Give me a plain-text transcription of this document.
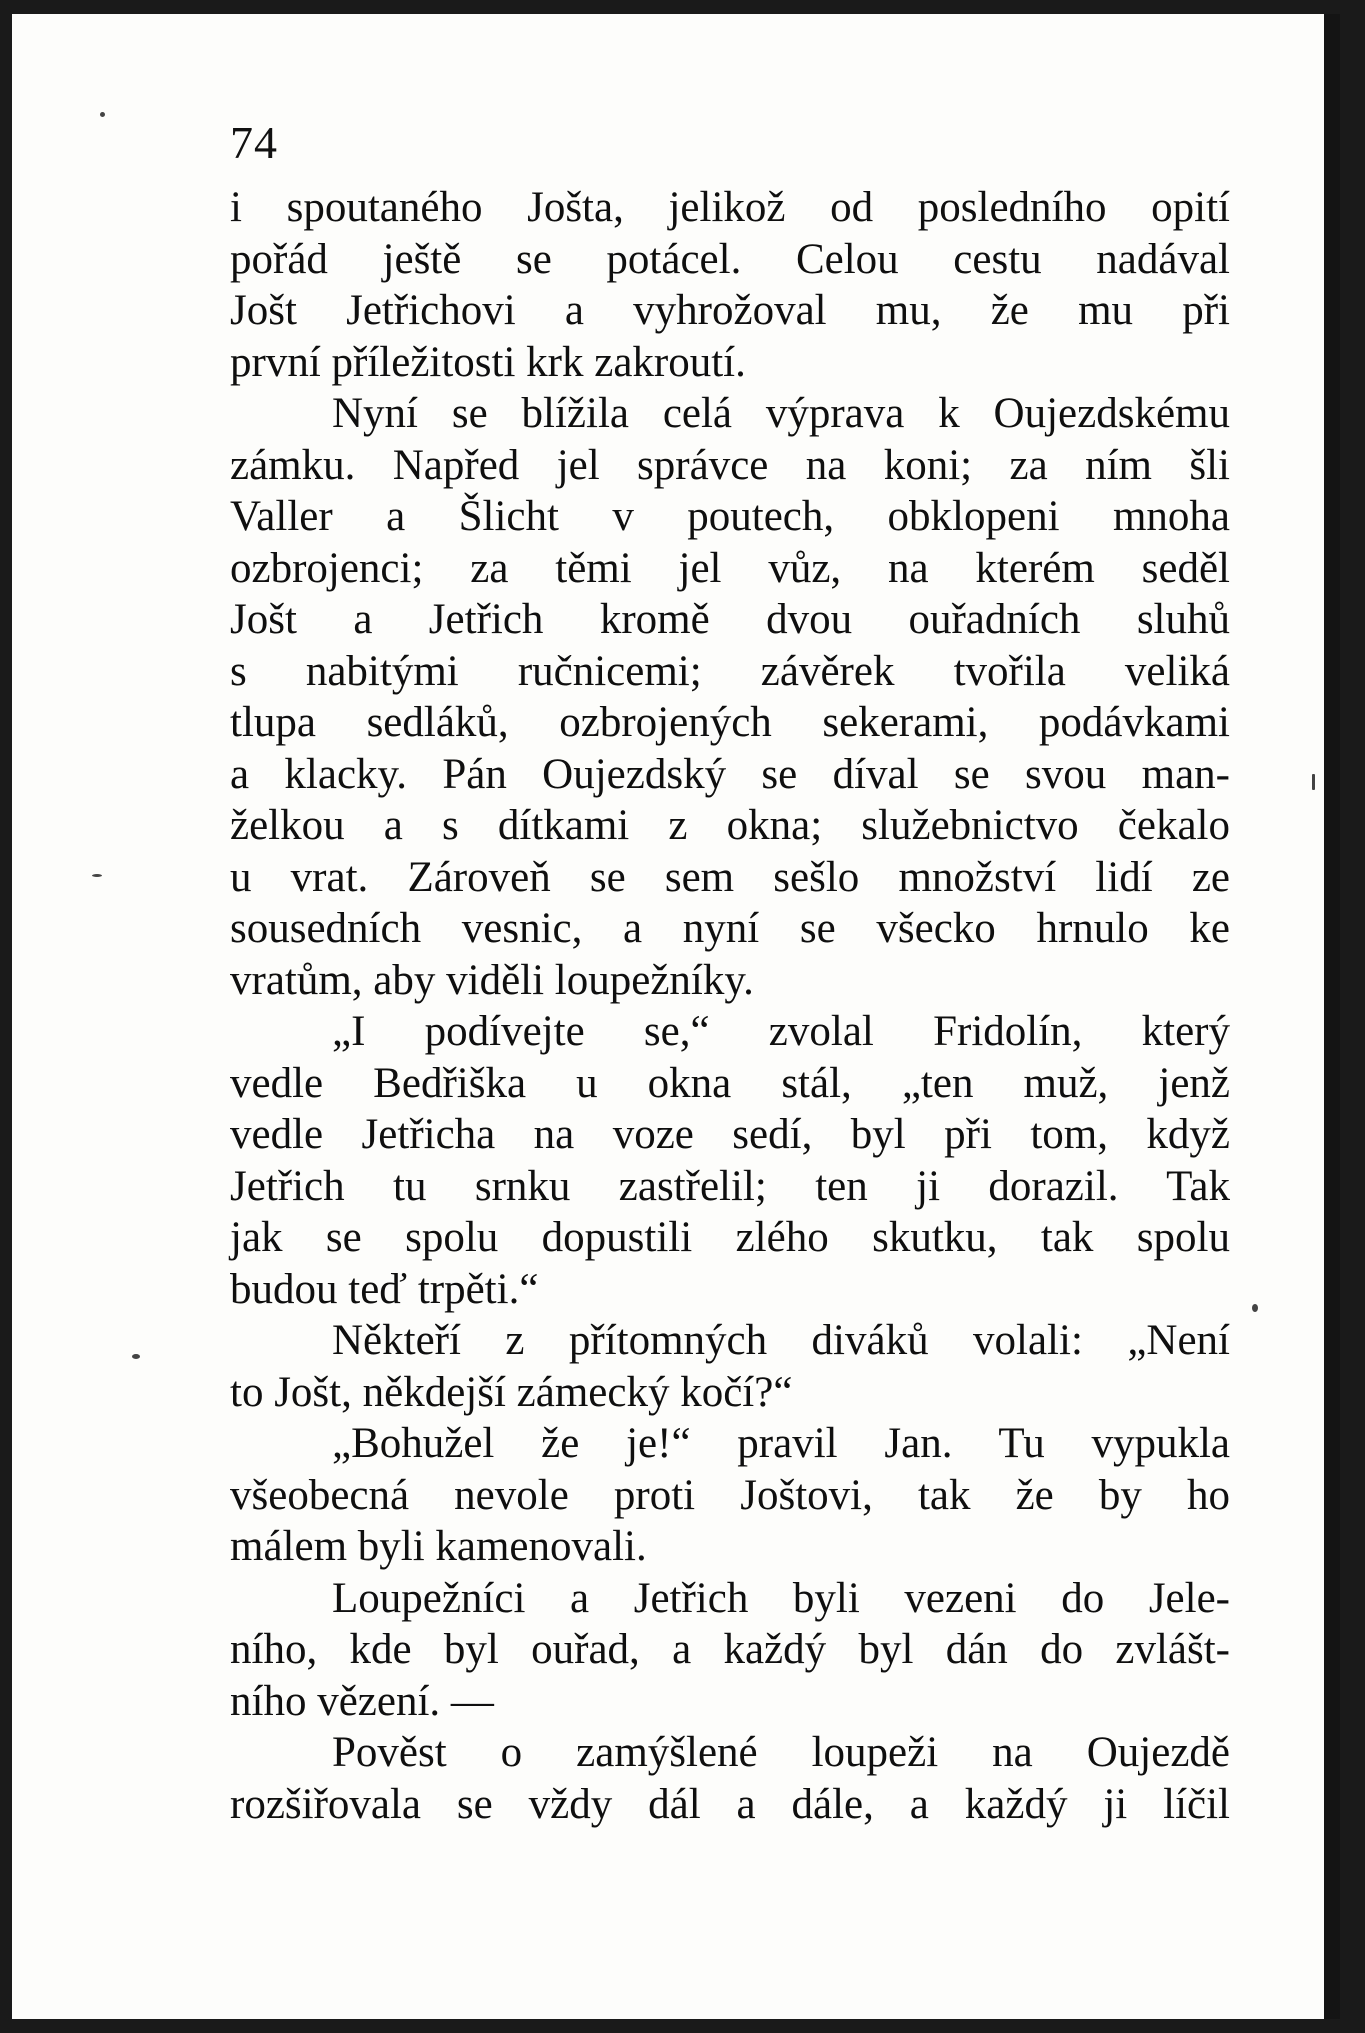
74

i spoutaného Jošta, jelikož od posledního opití

pořád ještě se potácel. Celou cestu nadával

Jošt Jetřichovi a vyhrožoval mu, že mu při

první příležitosti krk zakroutí.

Nyní se blížila celá výprava k Oujezdskému

zámku. Napřed jel správce na koni; za ním šli

Valler a Šlicht v poutech, obklopeni mnoha

ozbrojenci; za těmi jel vůz, na kterém seděl

Jošt a Jetřich kromě dvou ouřadních sluhů

s nabitými ručnicemi; závěrek tvořila veliká

tlupa sedláků, ozbrojených sekerami, podávkami

a klacky. Pán Oujezdský se díval se svou man-

želkou a s dítkami z okna; služebnictvo čekalo

u vrat. Zároveň se sem sešlo množství lidí ze

sousedních vesnic, a nyní se všecko hrnulo ke

vratům, aby viděli loupežníky.

„I podívejte se,“ zvolal Fridolín, který

vedle Bedřiška u okna stál, „ten muž, jenž

vedle Jetřicha na voze sedí, byl při tom, když

Jetřich tu srnku zastřelil; ten ji dorazil. Tak

jak se spolu dopustili zlého skutku, tak spolu

budou teď trpěti.“

Někteří z přítomných diváků volali: „Není

to Jošt, někdejší zámecký kočí?“

„Bohužel že je!“ pravil Jan. Tu vypukla

všeobecná nevole proti Joštovi, tak že by ho

málem byli kamenovali.

Loupežníci a Jetřich byli vezeni do Jele-

ního, kde byl ouřad, a každý byl dán do zvlášt-

ního vězení. —

Pověst o zamýšlené loupeži na Oujezdě

rozšiřovala se vždy dál a dále, a každý ji líčil
